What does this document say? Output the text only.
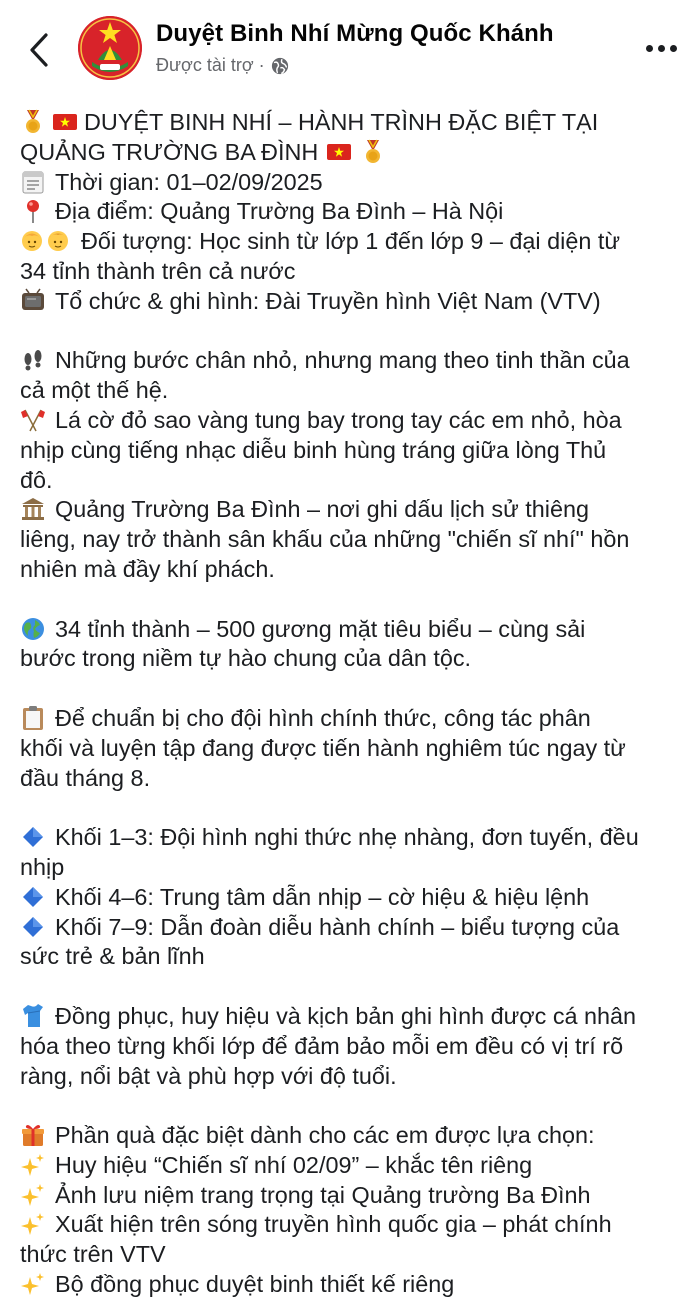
Duyệt Binh Nhí Mừng Quốc Khánh
Được tài trợ ·
DUYỆT BINH NHÍ – HÀNH TRÌNH ĐẶC BIỆT TẠI
QUẢNG TRƯỜNG BA ĐÌNH
Thời gian: 01–02/09/2025
Địa điểm: Quảng Trường Ba Đình – Hà Nội
Đối tượng: Học sinh từ lớp 1 đến lớp 9 – đại diện từ
34 tỉnh thành trên cả nước
Tổ chức & ghi hình: Đài Truyền hình Việt Nam (VTV)
Những bước chân nhỏ, nhưng mang theo tinh thần của
cả một thế hệ.
Lá cờ đỏ sao vàng tung bay trong tay các em nhỏ, hòa
nhịp cùng tiếng nhạc diễu binh hùng tráng giữa lòng Thủ
đô.
Quảng Trường Ba Đình – nơi ghi dấu lịch sử thiêng
liêng, nay trở thành sân khấu của những "chiến sĩ nhí" hồn
nhiên mà đầy khí phách.
34 tỉnh thành – 500 gương mặt tiêu biểu – cùng sải
bước trong niềm tự hào chung của dân tộc.
Để chuẩn bị cho đội hình chính thức, công tác phân
khối và luyện tập đang được tiến hành nghiêm túc ngay từ
đầu tháng 8.
Khối 1–3: Đội hình nghi thức nhẹ nhàng, đơn tuyến, đều
nhịp
Khối 4–6: Trung tâm dẫn nhịp – cờ hiệu & hiệu lệnh
Khối 7–9: Dẫn đoàn diễu hành chính – biểu tượng của
sức trẻ & bản lĩnh
Đồng phục, huy hiệu và kịch bản ghi hình được cá nhân
hóa theo từng khối lớp để đảm bảo mỗi em đều có vị trí rõ
ràng, nổi bật và phù hợp với độ tuổi.
Phần quà đặc biệt dành cho các em được lựa chọn:
Huy hiệu “Chiến sĩ nhí 02/09” – khắc tên riêng
Ảnh lưu niệm trang trọng tại Quảng trường Ba Đình
Xuất hiện trên sóng truyền hình quốc gia – phát chính
thức trên VTV
Bộ đồng phục duyệt binh thiết kế riêng
